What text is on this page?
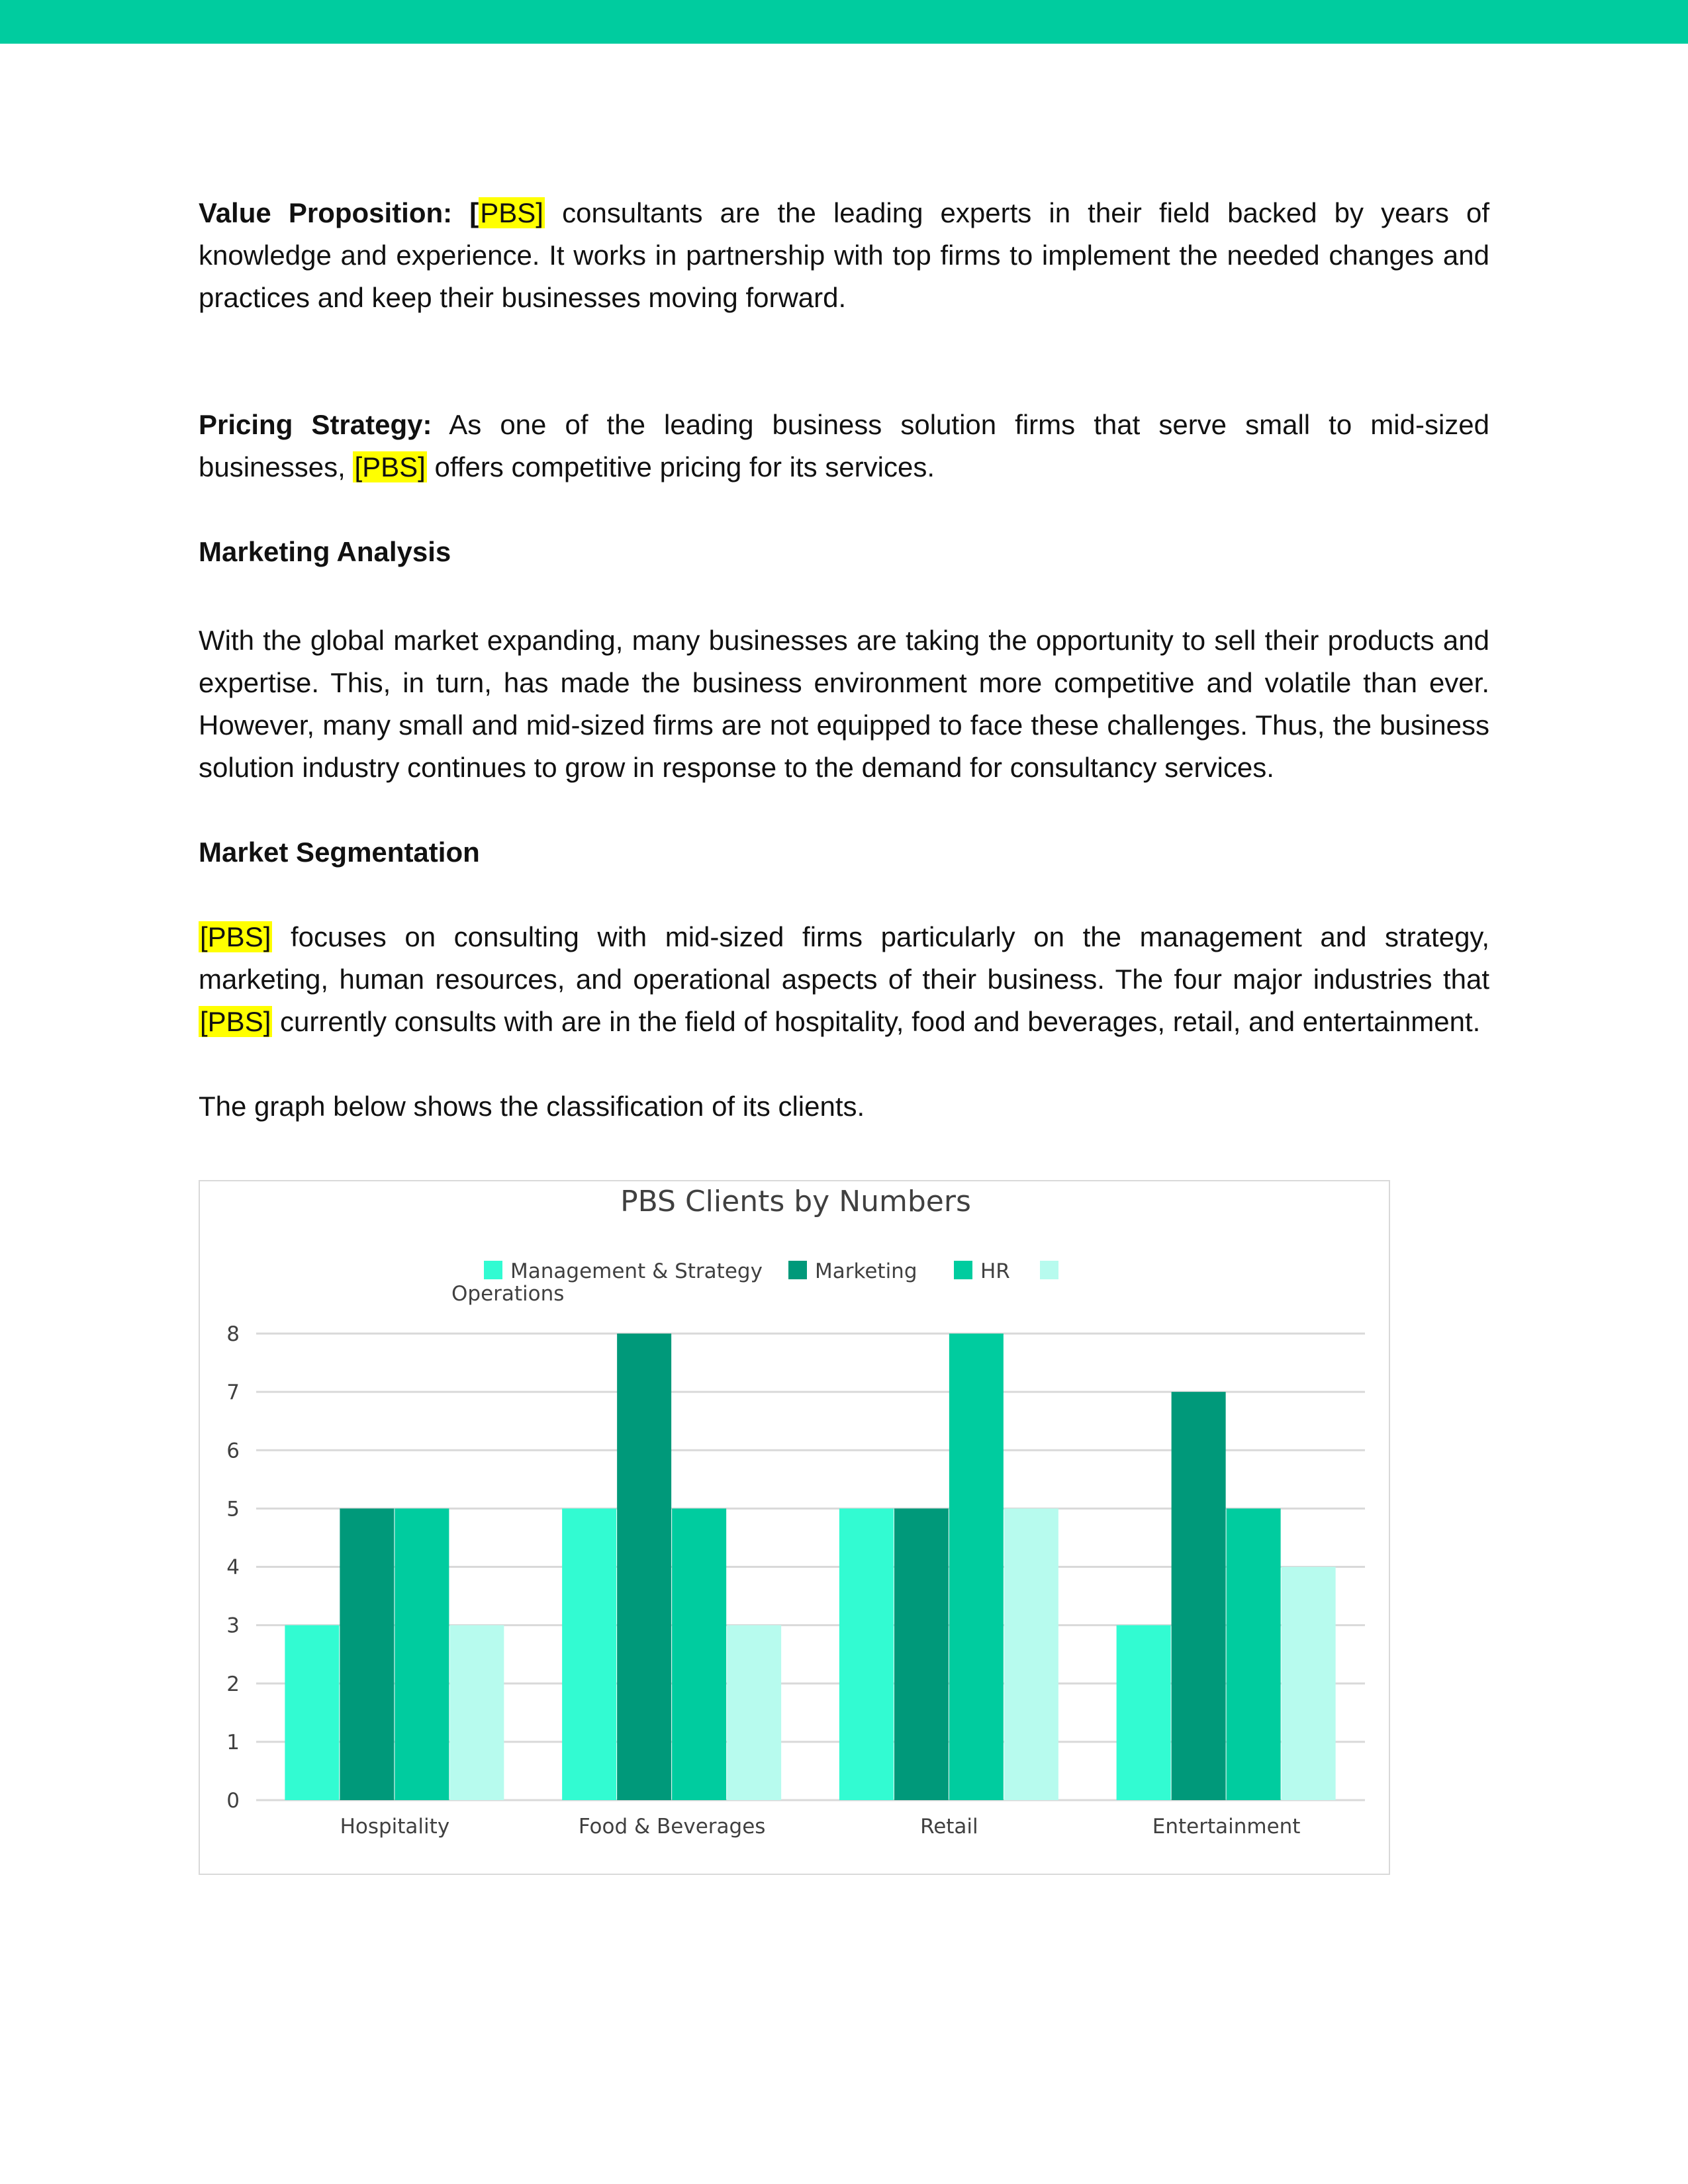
Value Proposition: [PBS] consultants are the leading experts in their field backed by years of knowledge and experience. It works in partnership with top firms to implement the needed changes and practices and keep their businesses moving forward.

Pricing Strategy: As one of the leading business solution firms that serve small to mid-sized businesses, [PBS] offers competitive pricing for its services.

Marketing Analysis

With the global market expanding, many businesses are taking the opportunity to sell their products and expertise. This, in turn, has made the business environment more competitive and volatile than ever. However, many small and mid-sized firms are not equipped to face these challenges. Thus, the business solution industry continues to grow in response to the demand for consultancy services.

Market Segmentation

[PBS] focuses on consulting with mid-sized firms particularly on the management and strategy, marketing, human resources, and operational aspects of their business. The four major industries that [PBS] currently consults with are in the field of hospitality, food and beverages, retail, and entertainment.

The graph below shows the classification of its clients.

PBS Clients by Numbers
0
1
2
3
4
5
6
7
8
Hospitality	Food & Beverages	Retail	Entertainment
Management & Strategy	Marketing	HR
Operations
